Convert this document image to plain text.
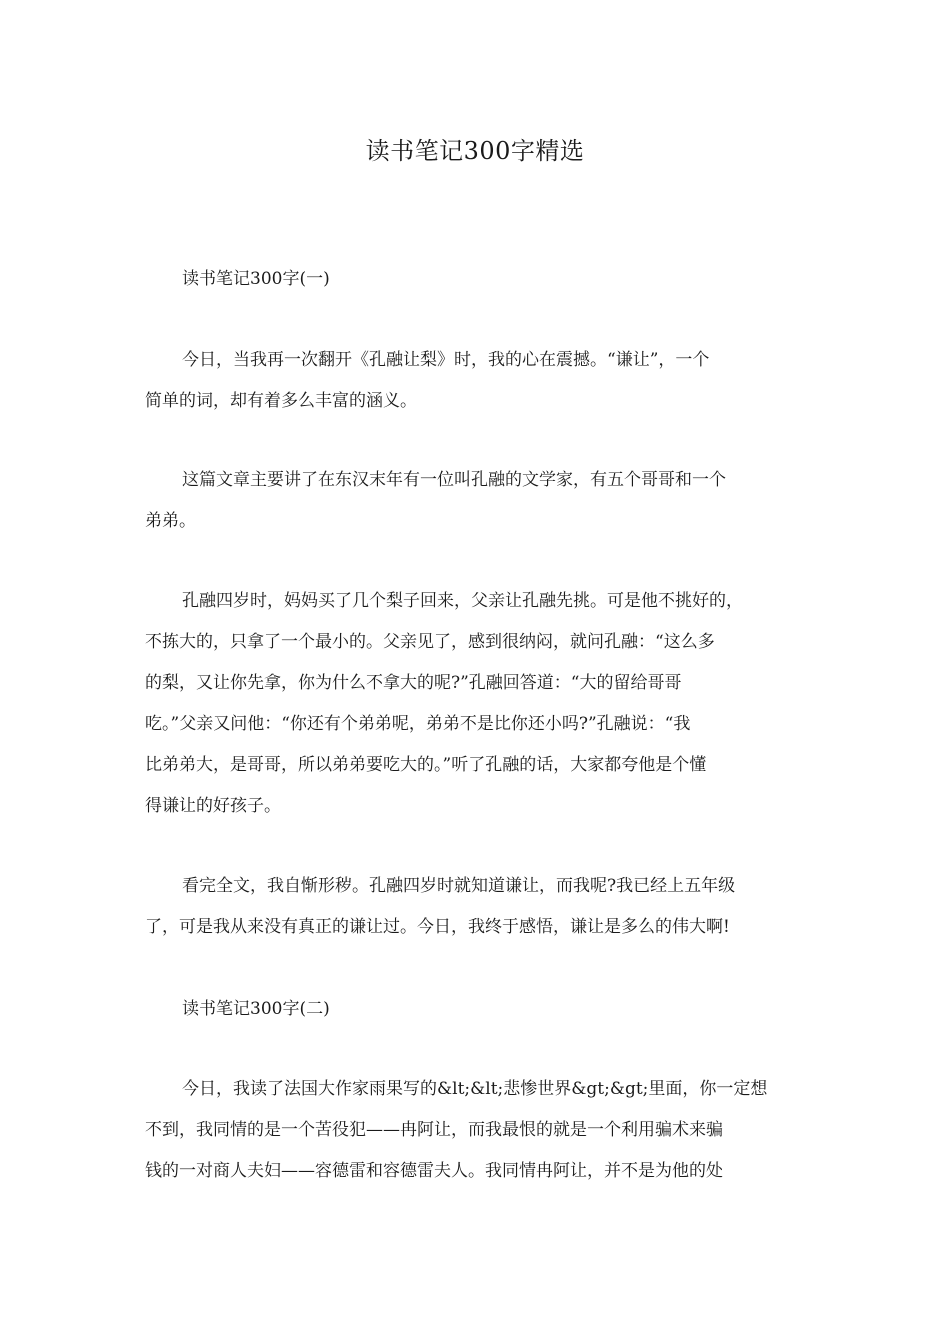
读书笔记300字精选
读书笔记300字(一)
今日，当我再一次翻开《孔融让梨》时，我的心在震撼。“谦让”，一个
简单的词，却有着多么丰富的涵义。
这篇文章主要讲了在东汉末年有一位叫孔融的文学家，有五个哥哥和一个
弟弟。
孔融四岁时，妈妈买了几个梨子回来，父亲让孔融先挑。可是他不挑好的，
不拣大的，只拿了一个最小的。父亲见了，感到很纳闷，就问孔融：“这么多
的梨，又让你先拿，你为什么不拿大的呢?”孔融回答道：“大的留给哥哥
吃。”父亲又问他：“你还有个弟弟呢，弟弟不是比你还小吗?”孔融说：“我
比弟弟大，是哥哥，所以弟弟要吃大的。”听了孔融的话，大家都夸他是个懂
得谦让的好孩子。
看完全文，我自惭形秽。孔融四岁时就知道谦让，而我呢?我已经上五年级
了，可是我从来没有真正的谦让过。今日，我终于感悟，谦让是多么的伟大啊!
读书笔记300字(二)
今日，我读了法国大作家雨果写的&lt;&lt;悲惨世界&gt;&gt;里面，你一定想
不到，我同情的是一个苦役犯——冉阿让，而我最恨的就是一个利用骗术来骗
钱的一对商人夫妇——容德雷和容德雷夫人。我同情冉阿让，并不是为他的处
